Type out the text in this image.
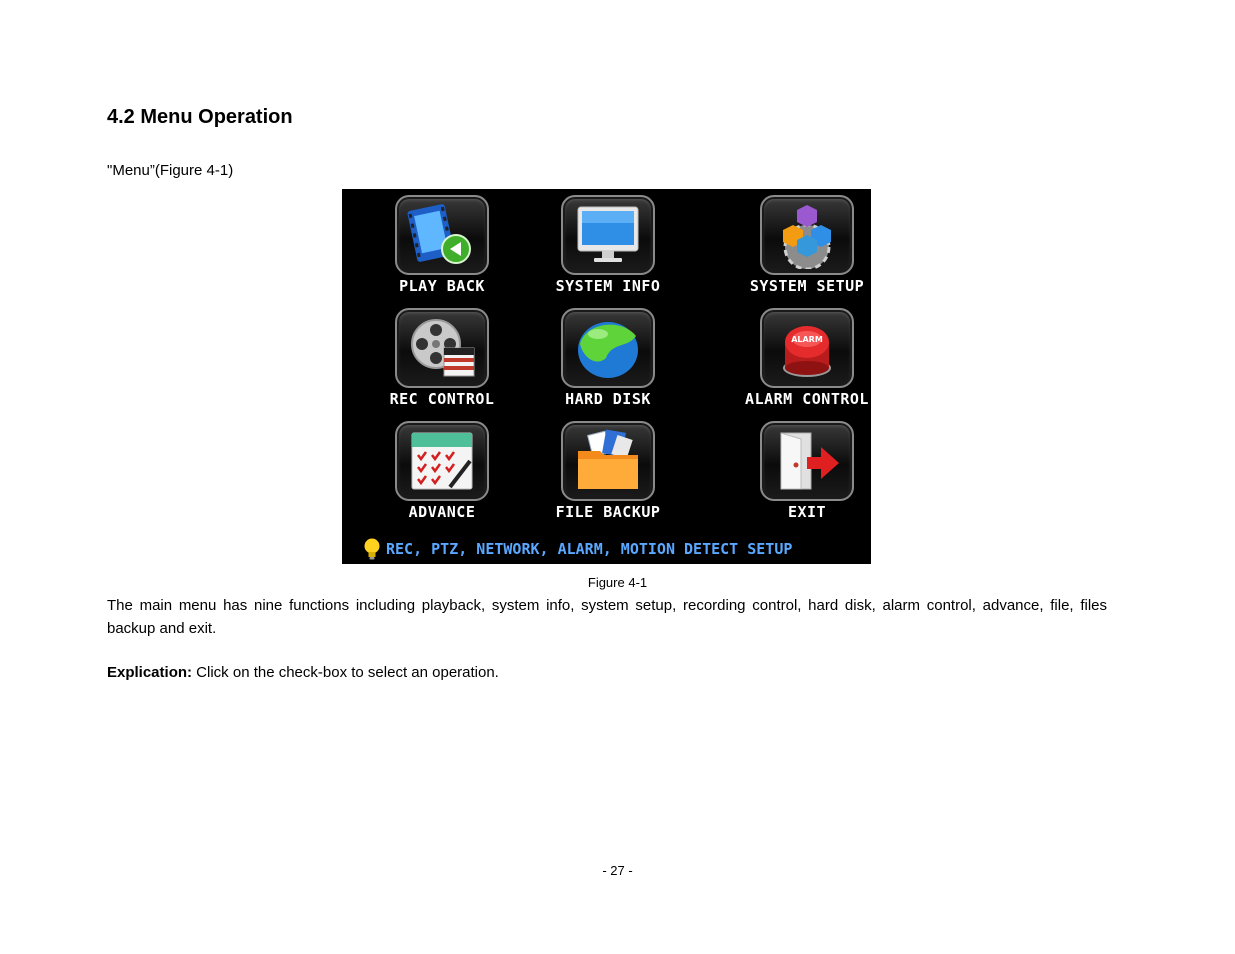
4.2 Menu Operation
"Menu”(Figure 4-1)
PLAY BACK	SYSTEM INFO	SYSTEM SETUP
REC CONTROL	HARD DISK
ALARM
ALARM CONTROL
ADVANCE	FILE BACKUP	EXIT
REC, PTZ, NETWORK, ALARM, MOTION DETECT SETUP
Figure 4-1

The main menu has nine functions including playback, system info, system setup, recording control, hard disk, alarm control, advance, file, files backup and exit.

Explication: Click on the check-box to select an operation.
- 27 -
